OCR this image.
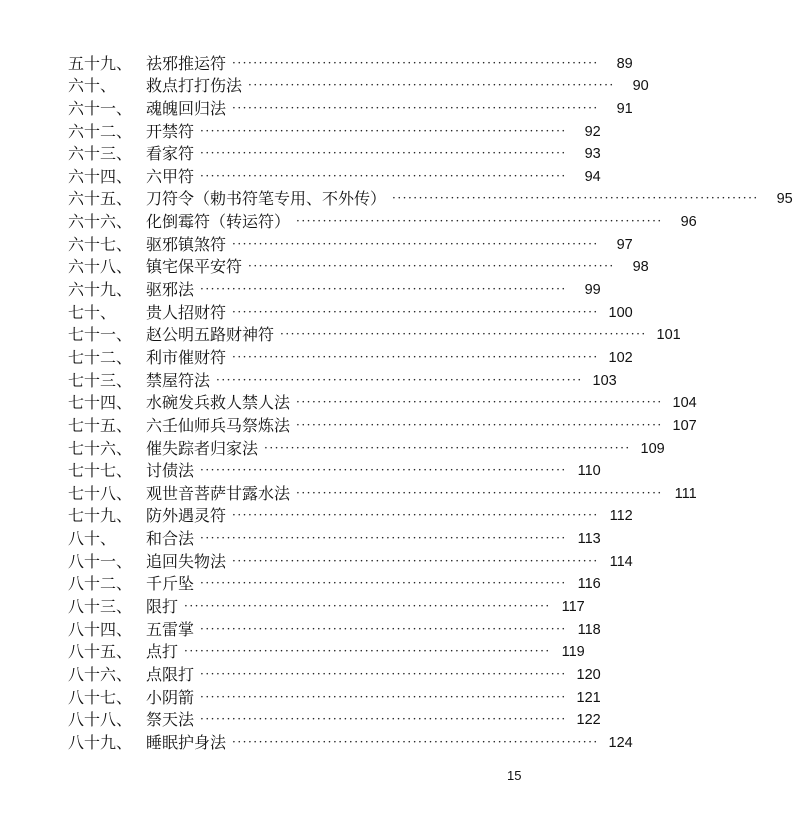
五十九、 祛邪推运符 ·····································································	89
六十、	救点打打伤法 ·····································································	90
六十一、 魂魄回归法 ·····································································	91
六十二、 开禁符 ·····································································	92
六十三、 看家符 ·····································································	93
六十四、 六甲符 ·····································································	94
六十五、 刀符令（勅书符笔专用、不外传） ·····································································	95
六十六、 化倒霉符（转运符） ·····································································	96
六十七、 驱邪镇煞符 ·····································································	97
六十八、 镇宅保平安符 ·····································································	98
六十九、 驱邪法 ·····································································	99
七十、	贵人招财符 ····································································· 100
七十一、 赵公明五路财神符 ····································································· 101
七十二、 利市催财符 ····································································· 102
七十三、 禁屋符法 ····································································· 103
七十四、 水碗发兵救人禁人法 ····································································· 104
七十五、 六壬仙师兵马祭炼法 ····································································· 107
七十六、 催失踪者归家法 ····································································· 109
七十七、 讨债法 ····································································· 110
七十八、 观世音菩萨甘露水法 ····································································· 111
七十九、 防外遇灵符 ····································································· 112
八十、	和合法 ····································································· 113
八十一、 追回失物法 ····································································· 114
八十二、 千斤坠 ····································································· 116
八十三、 限打 ····································································· 117
八十四、 五雷掌 ····································································· 118
八十五、 点打 ····································································· 119
八十六、 点限打 ····································································· 120
八十七、 小阴箭 ····································································· 121
八十八、 祭天法 ····································································· 122
八十九、 睡眠护身法 ····································································· 124
15
